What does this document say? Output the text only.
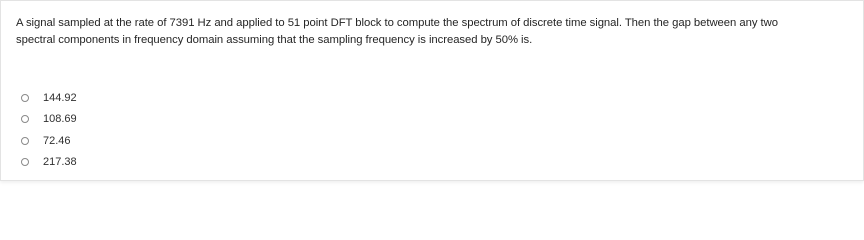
A signal sampled at the rate of 7391 Hz and applied to 51 point DFT block to compute the spectrum of discrete time signal. Then the gap between any two
spectral components in frequency domain assuming that the sampling frequency is increased by 50% is.

144.92
108.69
72.46
217.38
